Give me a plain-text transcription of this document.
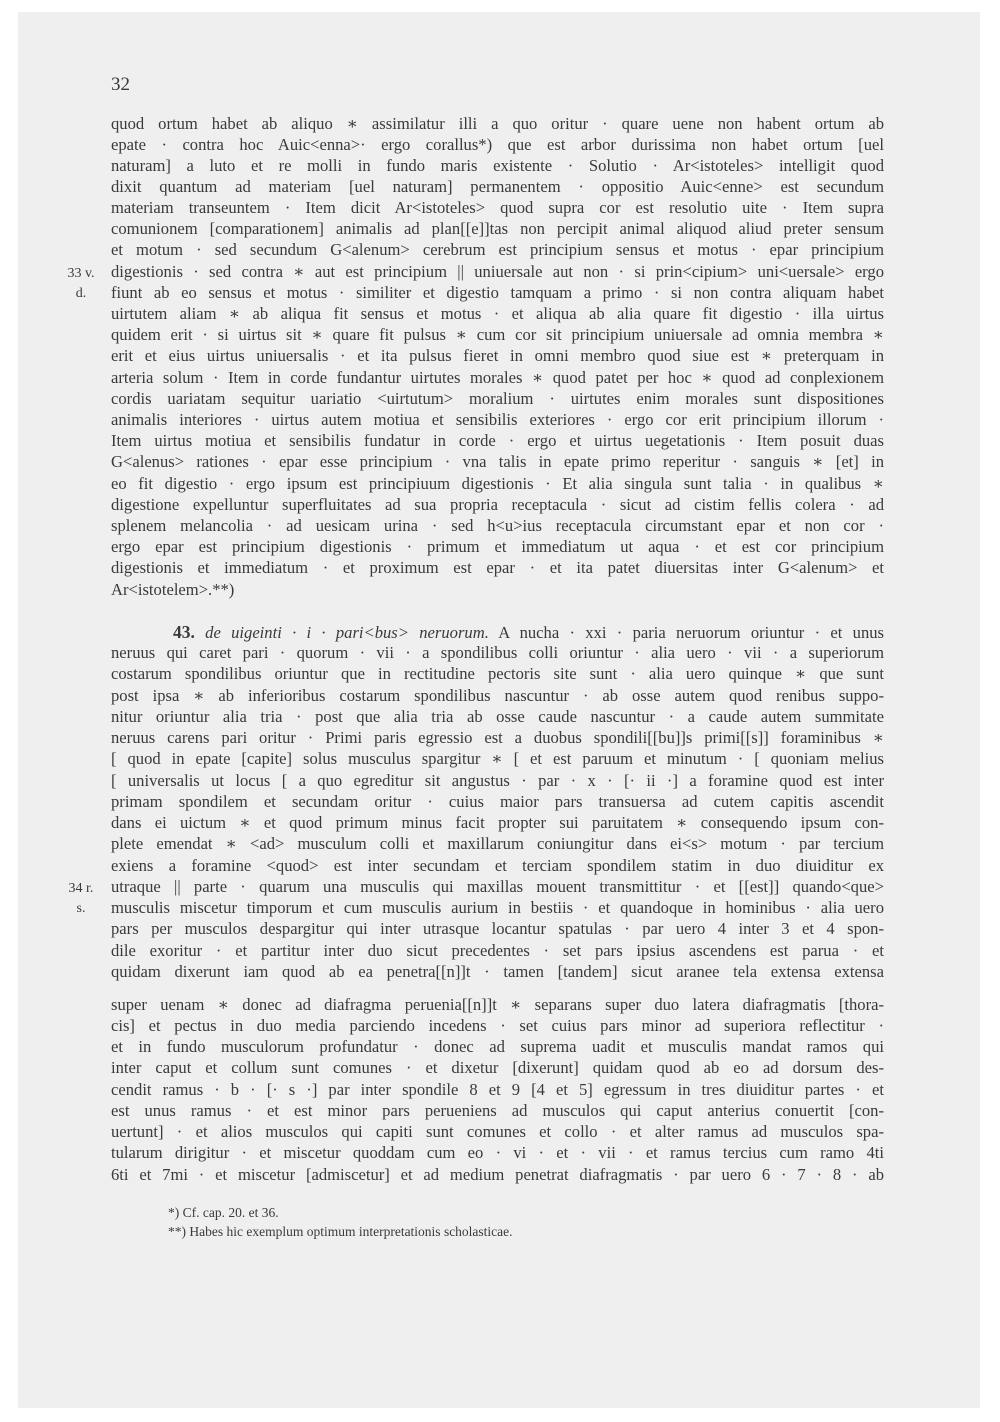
32
quod ortum habet ab aliquo ∗ assimilatur illi a quo oritur · quare uene non habent ortum ab
epate · contra hoc Auic<enna>· ergo corallus*) que est arbor durissima non habet ortum [uel
naturam] a luto et re molli in fundo maris existente · Solutio · Ar<istoteles> intelligit quod
dixit quantum ad materiam [uel naturam] permanentem · oppositio Auic<enne> est secundum
materiam transeuntem · Item dicit Ar<istoteles> quod supra cor est resolutio uite · Item supra
comunionem [comparationem] animalis ad plan[[e]]tas non percipit animal aliquod aliud preter sensum
et motum · sed secundum G<alenum> cerebrum est principium sensus et motus · epar principium
digestionis · sed contra ∗ aut est principium || uniuersale aut non · si prin<cipium> uni<uersale> ergo
fiunt ab eo sensus et motus · similiter et digestio tamquam a primo · si non contra aliquam habet
uirtutem aliam ∗ ab aliqua fit sensus et motus · et aliqua ab alia quare fit digestio · illa uirtus
quidem erit · si uirtus sit ∗ quare fit pulsus ∗ cum cor sit principium uniuersale ad omnia membra ∗
erit et eius uirtus uniuersalis · et ita pulsus fieret in omni membro quod siue est ∗ preterquam in
arteria solum · Item in corde fundantur uirtutes morales ∗ quod patet per hoc ∗ quod ad conplexionem
cordis uariatam sequitur uariatio <uirtutum> moralium · uirtutes enim morales sunt dispositiones
animalis interiores · uirtus autem motiua et sensibilis exteriores · ergo cor erit principium illorum ·
Item uirtus motiua et sensibilis fundatur in corde · ergo et uirtus uegetationis · Item posuit duas
G<alenus> rationes · epar esse principium · vna talis in epate primo reperitur · sanguis ∗ [et] in
eo fit digestio · ergo ipsum est principiuum digestionis · Et alia singula sunt talia · in qualibus ∗
digestione expelluntur superfluitates ad sua propria receptacula · sicut ad cistim fellis colera · ad
splenem melancolia · ad uesicam urina · sed h<u>ius receptacula circumstant epar et non cor ·
ergo epar est principium digestionis · primum et immediatum ut aqua · et est cor principium
digestionis et immediatum · et proximum est epar · et ita patet diuersitas inter G<alenum> et
Ar<istotelem>.**)
43. de uigeinti · i · pari<bus> neruorum. A nucha · xxi · paria neruorum oriuntur · et unus
neruus qui caret pari · quorum · vii · a spondilibus colli oriuntur · alia uero · vii · a superiorum
costarum spondilibus oriuntur que in rectitudine pectoris site sunt · alia uero quinque ∗ que sunt
post ipsa ∗ ab inferioribus costarum spondilibus nascuntur · ab osse autem quod renibus suppo-
nitur oriuntur alia tria · post que alia tria ab osse caude nascuntur · a caude autem summitate
neruus carens pari oritur · Primi paris egressio est a duobus spondili[[bu]]s primi[[s]] foraminibus ∗
[ quod in epate [capite] solus musculus spargitur ∗ [ et est paruum et minutum · [ quoniam melius
[ universalis ut locus [ a quo egreditur sit angustus · par · x · [· ii ·] a foramine quod est inter
primam spondilem et secundam oritur · cuius maior pars transuersa ad cutem capitis ascendit
dans ei uictum ∗ et quod primum minus facit propter sui paruitatem ∗ consequendo ipsum con-
plete emendat ∗ <ad> musculum colli et maxillarum coniungitur dans ei<s> motum · par tercium
exiens a foramine <quod> est inter secundam et terciam spondilem statim in duo diuiditur ex
utraque || parte · quarum una musculis qui maxillas mouent transmittitur · et [[est]] quando<que>
musculis miscetur timporum et cum musculis aurium in bestiis · et quandoque in hominibus · alia uero
pars per musculos despargitur qui inter utrasque locantur spatulas · par uero 4 inter 3 et 4 spon-
dile exoritur · et partitur inter duo sicut precedentes · set pars ipsius ascendens est parua · et
quidam dixerunt iam quod ab ea penetra[[n]]t · tamen [tandem] sicut aranee tela extensa extensa
super uenam ∗ donec ad diafragma peruenia[[n]]t ∗ separans super duo latera diafragmatis [thora-
cis] et pectus in duo media parciendo incedens · set cuius pars minor ad superiora reflectitur ·
et in fundo musculorum profundatur · donec ad suprema uadit et musculis mandat ramos qui
inter caput et collum sunt comunes · et dixetur [dixerunt] quidam quod ab eo ad dorsum des-
cendit ramus · b · [· s ·] par inter spondile 8 et 9 [4 et 5] egressum in tres diuiditur partes · et
est unus ramus · et est minor pars perueniens ad musculos qui caput anterius conuertit [con-
uertunt] · et alios musculos qui capiti sunt comunes et collo · et alter ramus ad musculos spa-
tularum dirigitur · et miscetur quoddam cum eo · vi · et · vii · et ramus tercius cum ramo 4ti
6ti et 7mi · et miscetur [admiscetur] et ad medium penetrat diafragmatis · par uero 6 · 7 · 8 · ab
33 v.
d.
34 r.
s.
*) Cf. cap. 20. et 36.
**) Habes hic exemplum optimum interpretationis scholasticae.
